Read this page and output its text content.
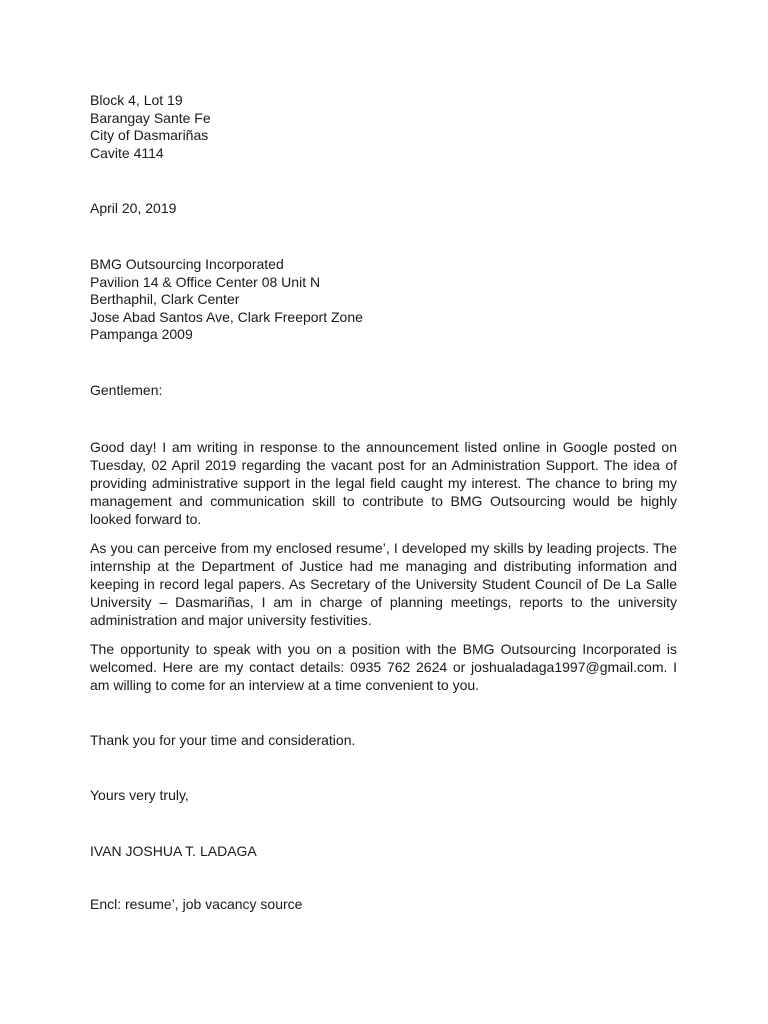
Block 4, Lot 19
Barangay Sante Fe
City of Dasmariñas
Cavite 4114
April 20, 2019
BMG Outsourcing Incorporated
Pavilion 14 & Office Center 08 Unit N
Berthaphil, Clark Center
Jose Abad Santos Ave, Clark Freeport Zone
Pampanga 2009
Gentlemen:

Good day! I am writing in response to the announcement listed online in Google posted on Tuesday, 02 April 2019 regarding the vacant post for an Administration Support. The idea of providing administrative support in the legal field caught my interest. The chance to bring my management and communication skill to contribute to BMG Outsourcing would be highly looked forward to.

As you can perceive from my enclosed resume’, I developed my skills by leading projects. The internship at the Department of Justice had me managing and distributing information and keeping in record legal papers. As Secretary of the University Student Council of De La Salle University – Dasmariñas, I am in charge of planning meetings, reports to the university administration and major university festivities.

The opportunity to speak with you on a position with the BMG Outsourcing Incorporated is welcomed. Here are my contact details: 0935 762 2624 or joshualadaga1997@gmail.com. I am willing to come for an interview at a time convenient to you.

Thank you for your time and consideration.
Yours very truly,
IVAN JOSHUA T. LADAGA
Encl: resume’, job vacancy source
